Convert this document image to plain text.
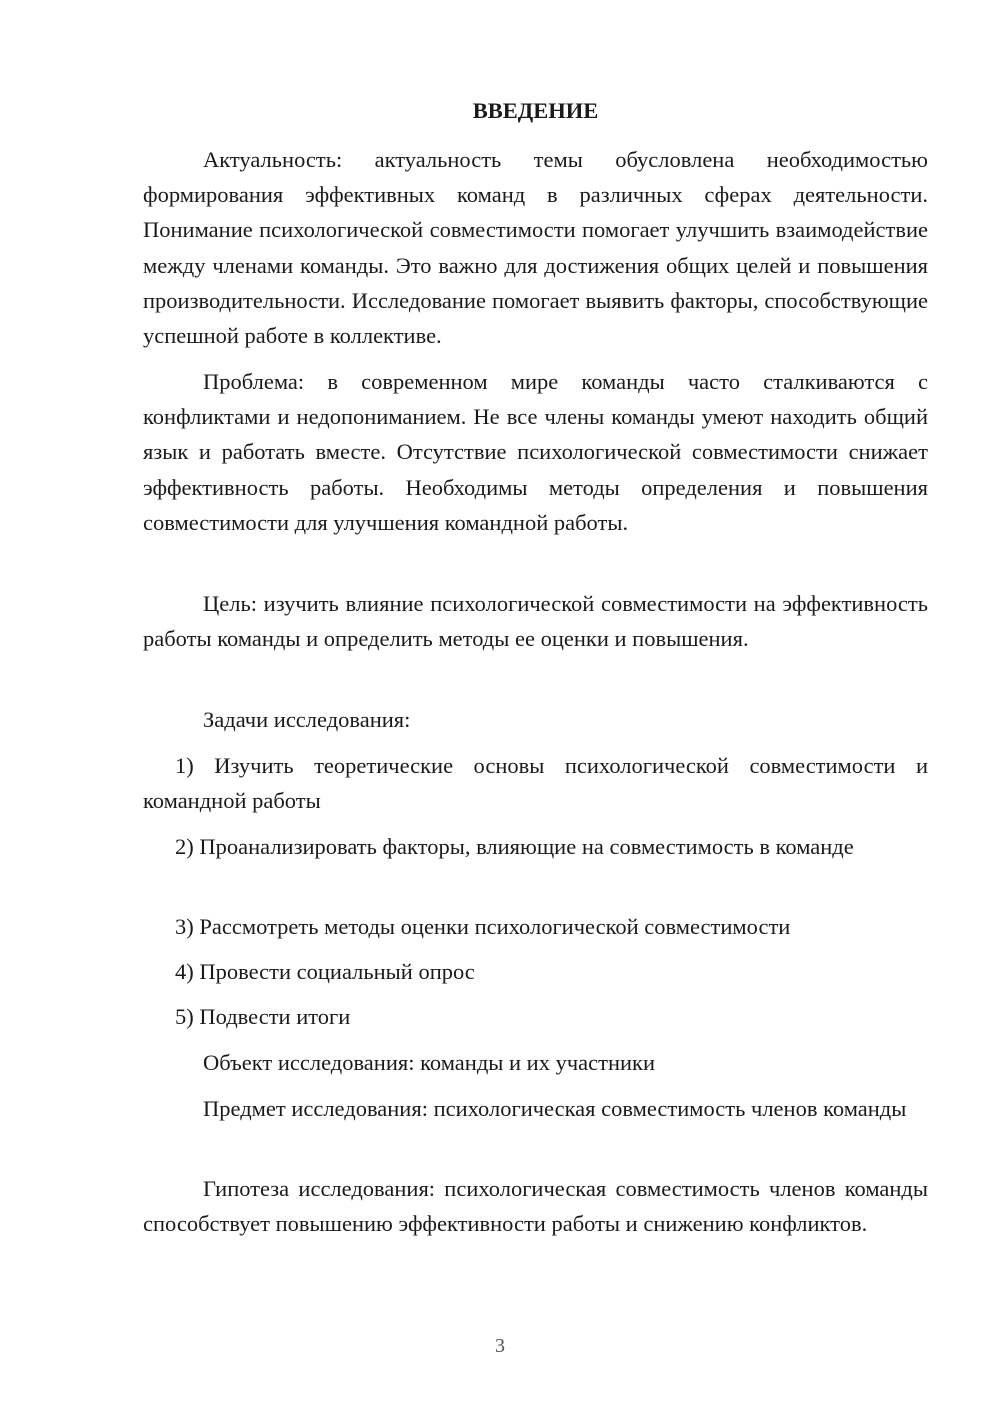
ВВЕДЕНИЕ

Актуальность: актуальность темы обусловлена необходимостью формирования эффективных команд в различных сферах деятельности. Понимание психологической совместимости помогает улучшить взаимодействие между членами команды. Это важно для достижения общих целей и повышения производительности. Исследование помогает выявить факторы, способствующие успешной работе в коллективе.

Проблема: в современном мире команды часто сталкиваются с конфликтами и недопониманием. Не все члены команды умеют находить общий язык и работать вместе. Отсутствие психологической совместимости снижает эффективность работы. Необходимы методы определения и повышения совместимости для улучшения командной работы.

Цель: изучить влияние психологической совместимости на эффективность работы команды и определить методы ее оценки и повышения.

Задачи исследования:

1) Изучить теоретические основы психологической совместимости и командной работы

2) Проанализировать факторы, влияющие на совместимость в команде

3) Рассмотреть методы оценки психологической совместимости

4) Провести социальный опрос

5) Подвести итоги

Объект исследования: команды и их участники

Предмет исследования: психологическая совместимость членов команды

Гипотеза исследования: психологическая совместимость членов команды способствует повышению эффективности работы и снижению конфликтов.

3
